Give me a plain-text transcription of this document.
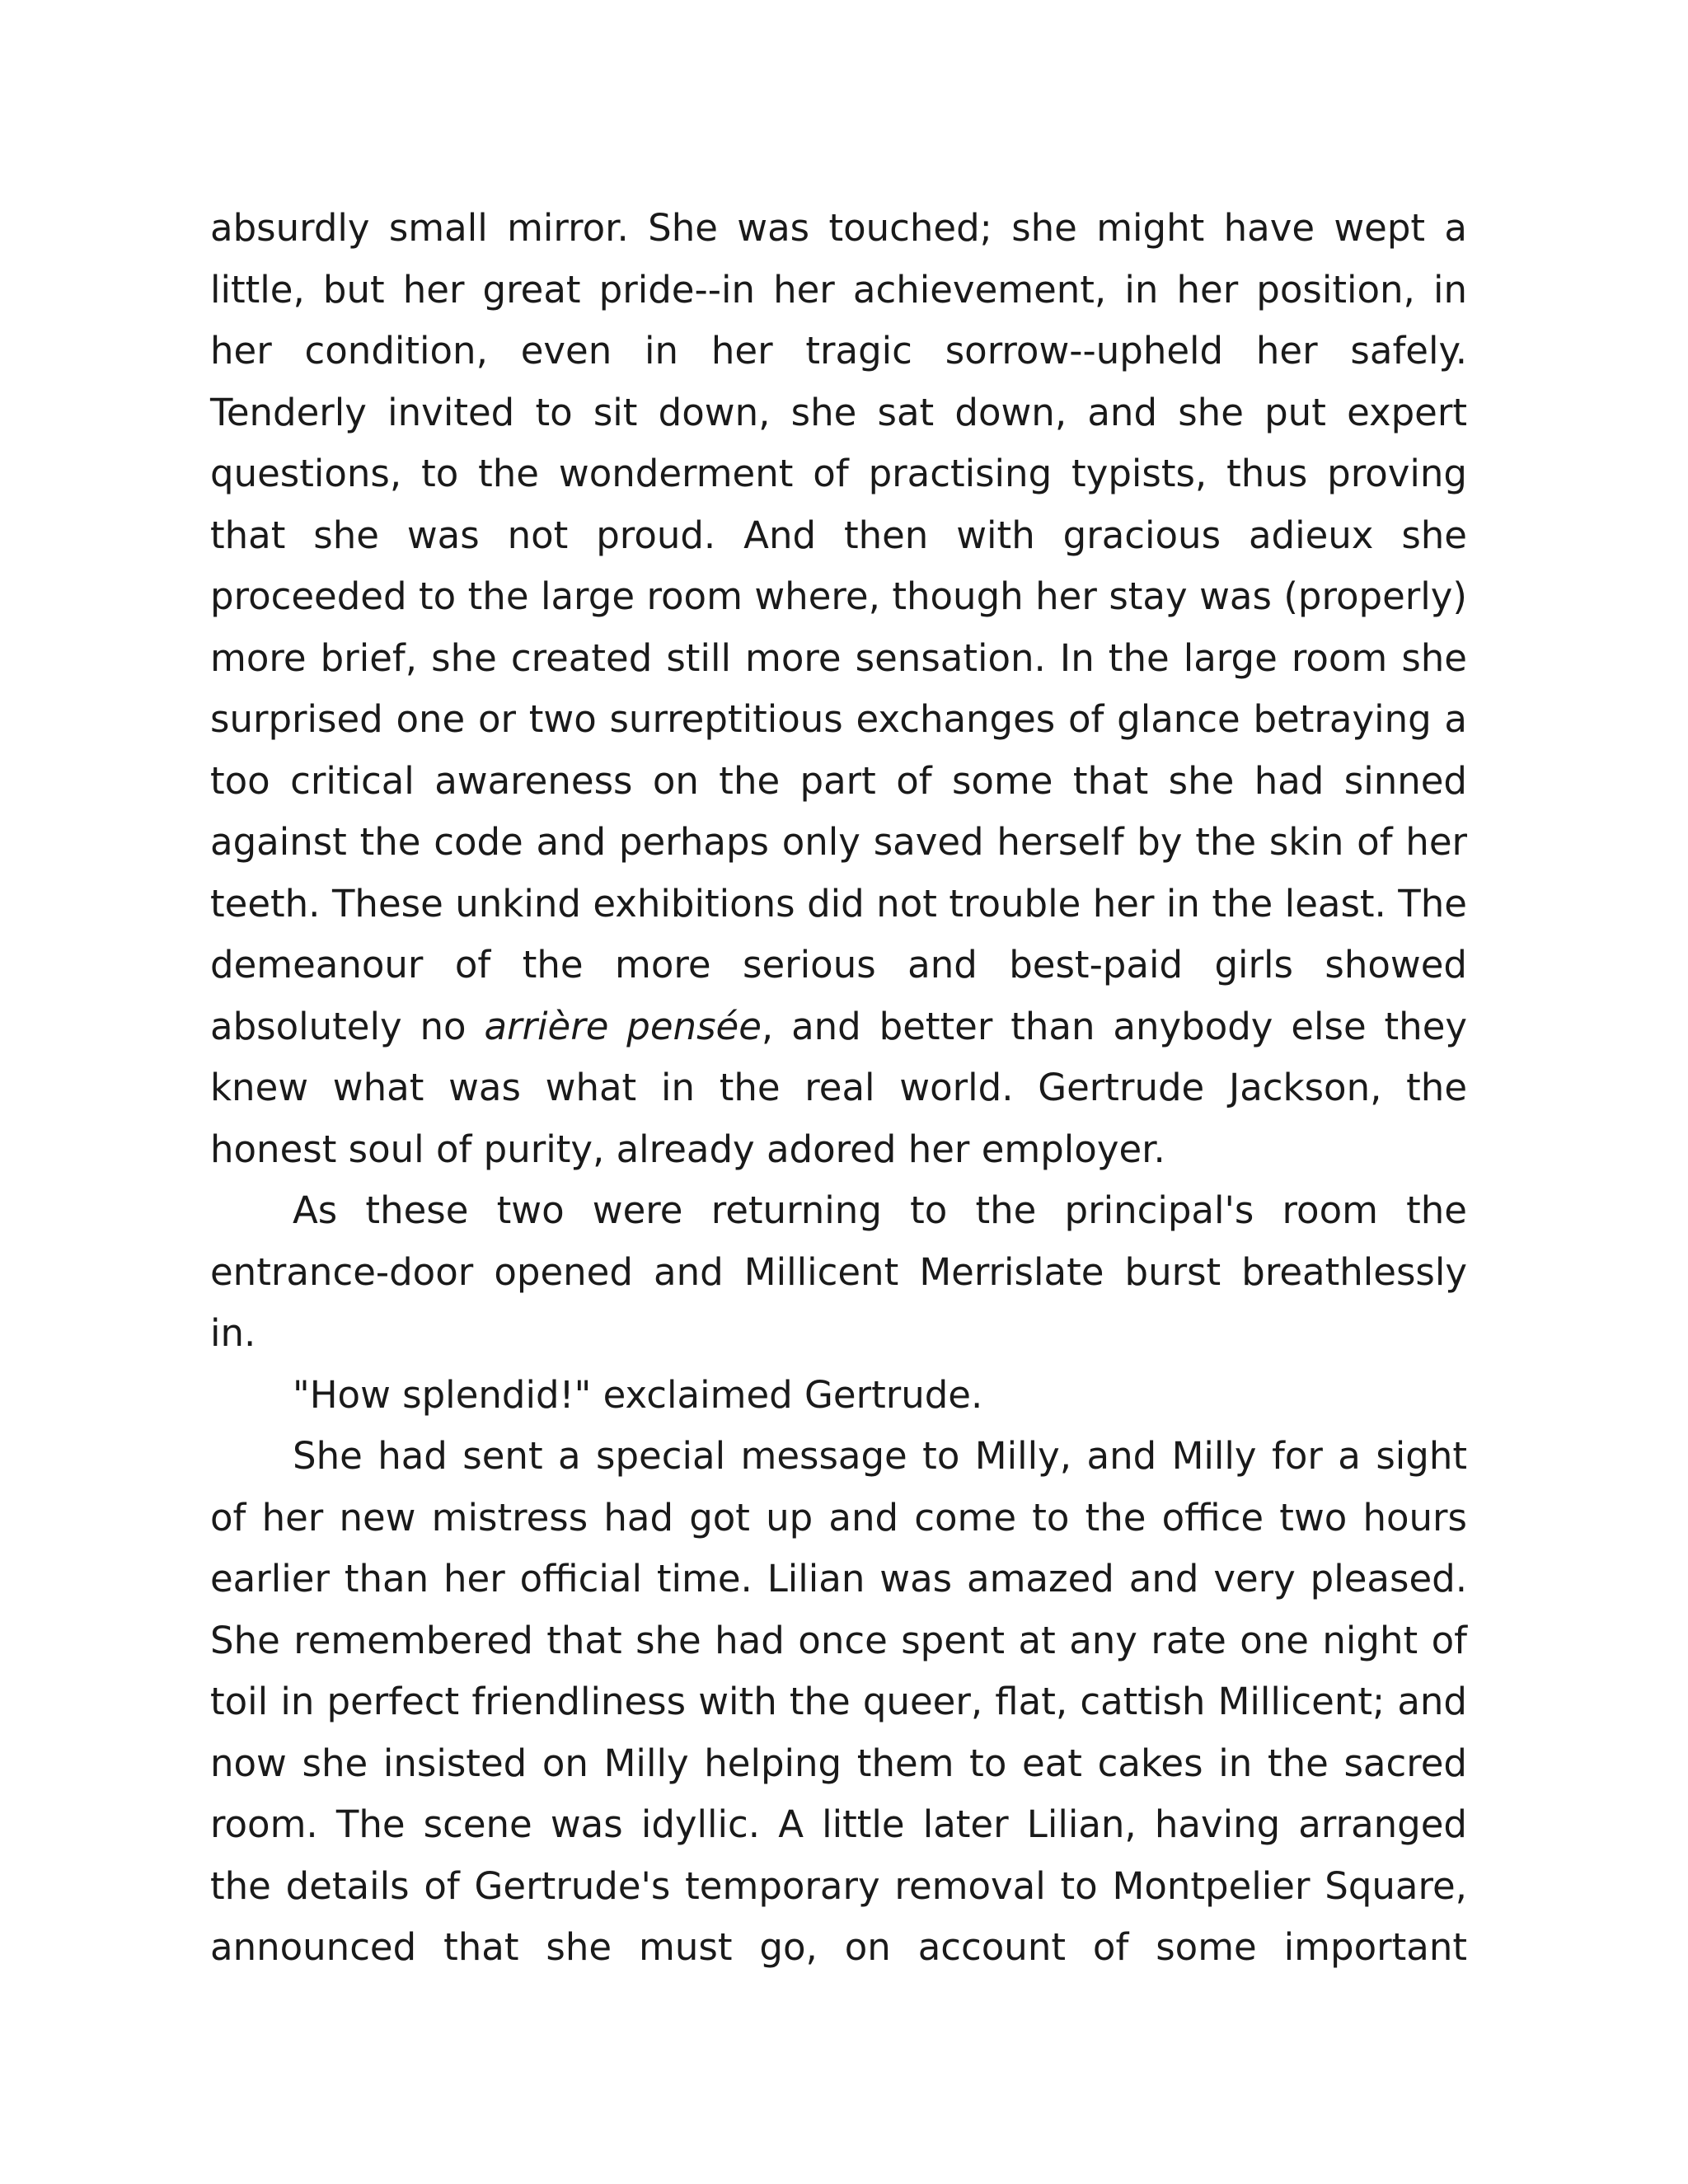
absurdly small mirror. She was touched; she might have wept a little, but her great pride--in her achievement, in her position, in her condition, even in her tragic sorrow--upheld her safely. Tenderly invited to sit down, she sat down, and she put expert questions, to the wonderment of practising typists, thus proving that she was not proud. And then with gracious adieux she proceeded to the large room where, though her stay was (properly) more brief, she created still more sensation. In the large room she surprised one or two surreptitious exchanges of glance betraying a too critical awareness on the part of some that she had sinned against the code and perhaps only saved herself by the skin of her teeth. These unkind exhibitions did not trouble her in the least. The demeanour of the more serious and best-paid girls showed absolutely no arrière pensée, and better than anybody else they knew what was what in the real world. Gertrude Jackson, the honest soul of purity, already adored her employer.

As these two were returning to the principal's room the entrance-door opened and Millicent Merrislate burst breathlessly in.

"How splendid!" exclaimed Gertrude.

She had sent a special message to Milly, and Milly for a sight of her new mistress had got up and come to the office two hours earlier than her official time. Lilian was amazed and very pleased. She remembered that she had once spent at any rate one night of toil in perfect friendliness with the queer, flat, cattish Millicent; and now she insisted on Milly helping them to eat cakes in the sacred room. The scene was idyllic. A little later Lilian, having arranged the details of Gertrude's temporary removal to Montpelier Square, announced that she must go, on account of some important
